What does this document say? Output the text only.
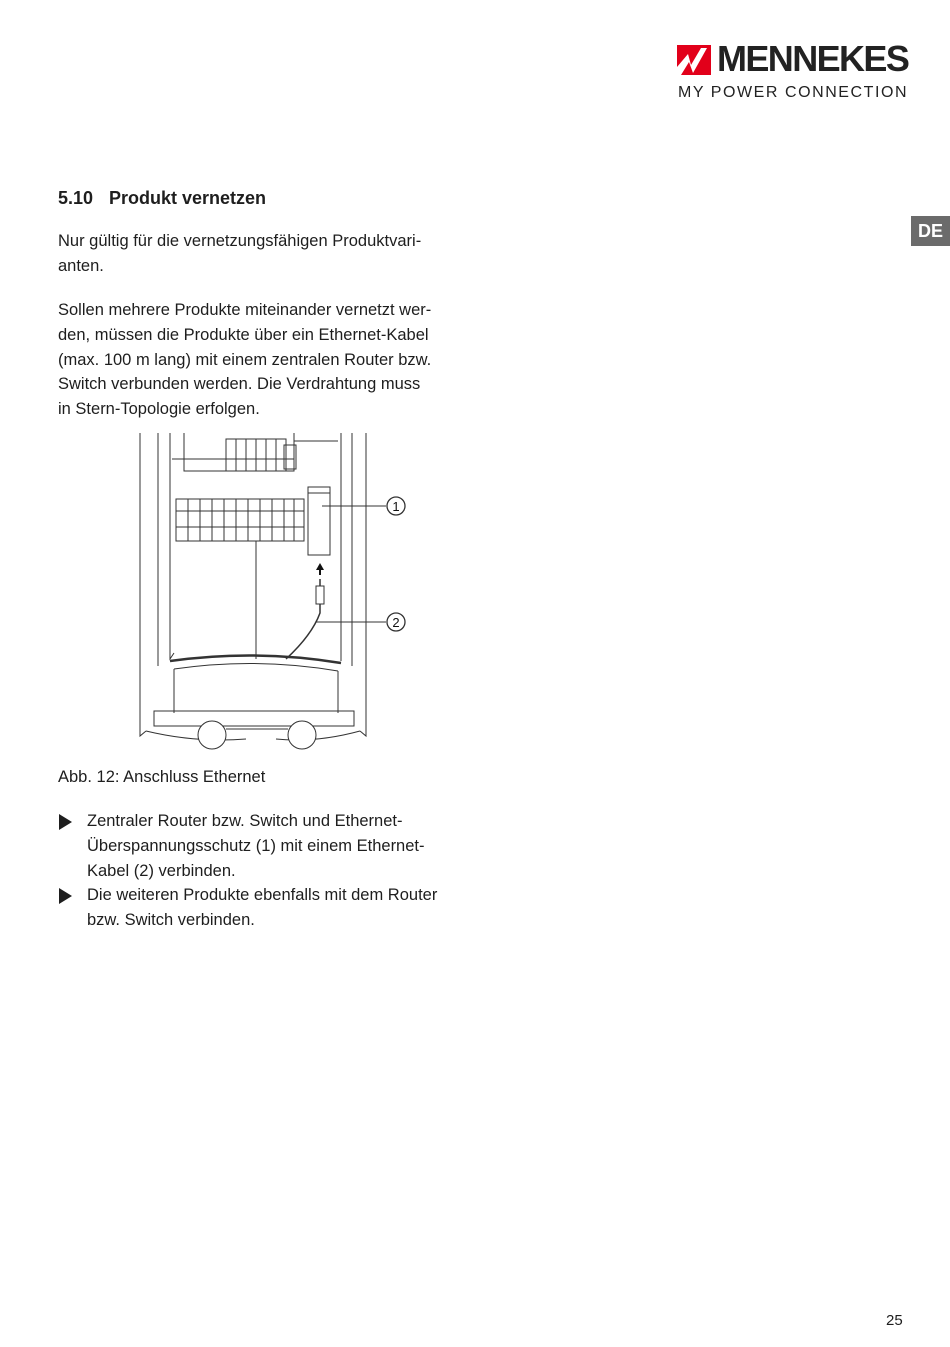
MENNEKES
MY POWER CONNECTION
DE
5.10 Produkt vernetzen
Nur gültig für die vernetzungsfähigen Produktvari-
anten.
Sollen mehrere Produkte miteinander vernetzt wer-
den, müssen die Produkte über ein Ethernet-Kabel
(max. 100 m lang) mit einem zentralen Router bzw.
Switch verbunden werden. Die Verdrahtung muss
in Stern-Topologie erfolgen.
1
2
Abb. 12: Anschluss Ethernet
Zentraler Router bzw. Switch und Ethernet-
Überspannungsschutz (1) mit einem Ethernet-
Kabel (2) verbinden.
Die weiteren Produkte ebenfalls mit dem Router
bzw. Switch verbinden.
25
